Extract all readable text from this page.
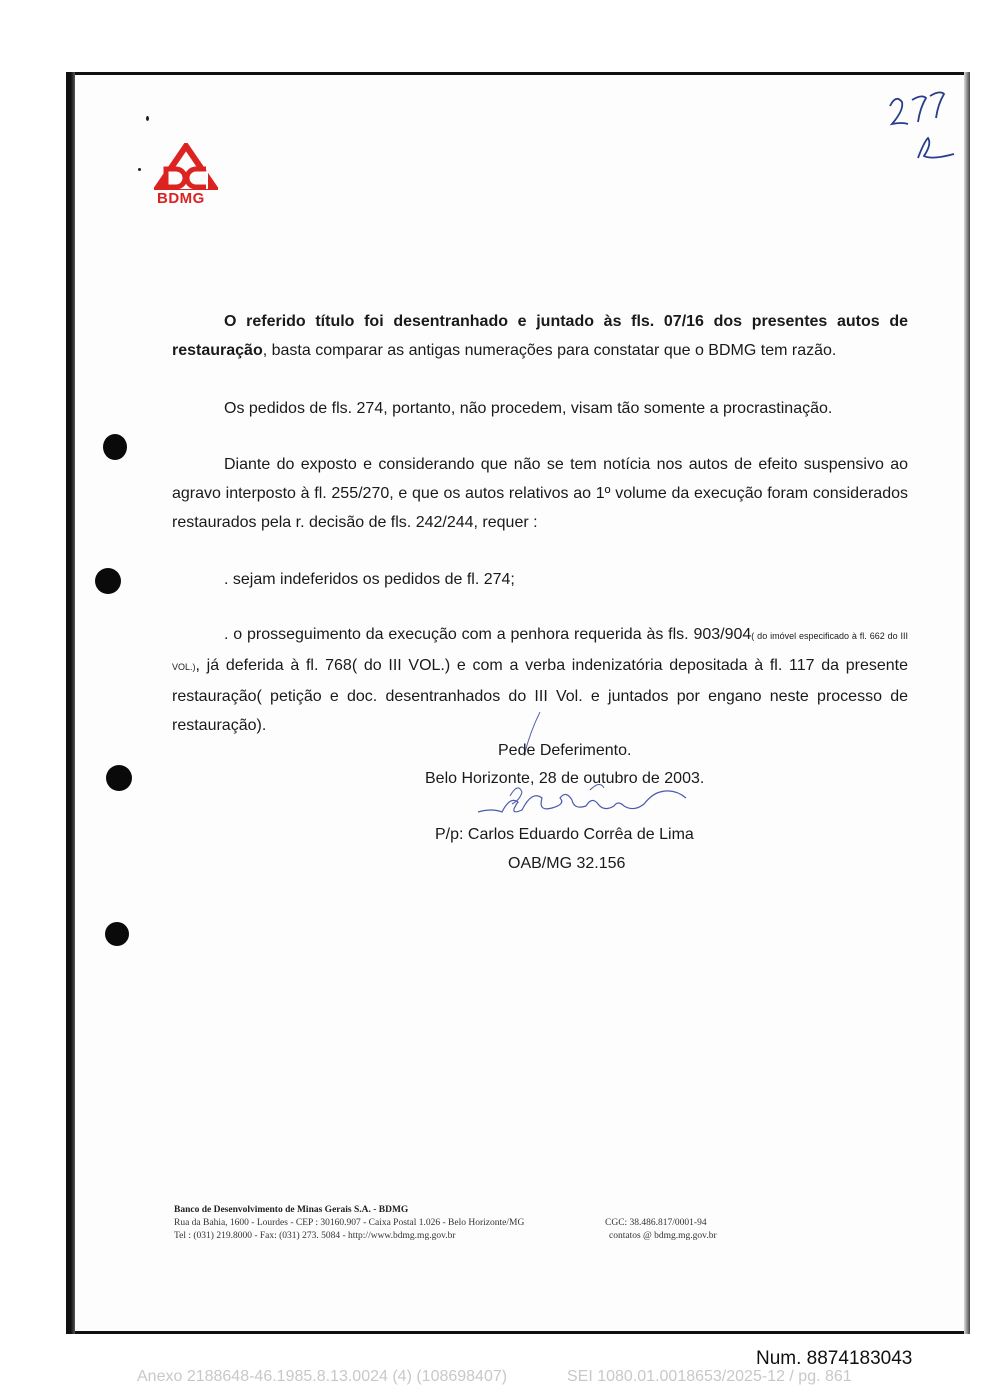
BDMG

O referido título foi desentranhado e juntado às fls. 07/16 dos presentes autos de restauração, basta comparar as antigas numerações para constatar que o BDMG tem razão.

Os pedidos de fls. 274, portanto, não procedem, visam tão somente a procrastinação.

Diante do exposto e considerando que não se tem notícia nos autos de efeito suspensivo ao agravo interposto à fl. 255/270, e que os autos relativos ao 1º volume da execução foram considerados restaurados pela r. decisão de fls. 242/244, requer :

. sejam indeferidos os pedidos de fl. 274;

. o prosseguimento da execução com a penhora requerida às fls. 903/904( do imóvel especificado à fl. 662 do III VOL.), já deferida à fl. 768( do III VOL.) e com a verba indenizatória depositada à fl. 117 da presente restauração( petição e doc. desentranhados do III Vol. e juntados por engano neste processo de restauração).

Pede Deferimento.
Belo Horizonte, 28 de outubro de 2003.
P/p: Carlos Eduardo Corrêa de Lima
OAB/MG 32.156
Banco de Desenvolvimento de Minas Gerais S.A. - BDMG
Rua da Bahia, 1600 - Lourdes - CEP : 30160.907 - Caixa Postal 1.026 - Belo Horizonte/MG	CGC: 38.486.817/0001-94
Tel : (031) 219.8000 - Fax: (031) 273. 5084 - http://www.bdmg.mg.gov.br	contatos @ bdmg.mg.gov.br
Num. 8874183043
Anexo 2188648-46.1985.8.13.0024 (4) (108698407)	SEI 1080.01.0018653/2025-12 / pg. 861
